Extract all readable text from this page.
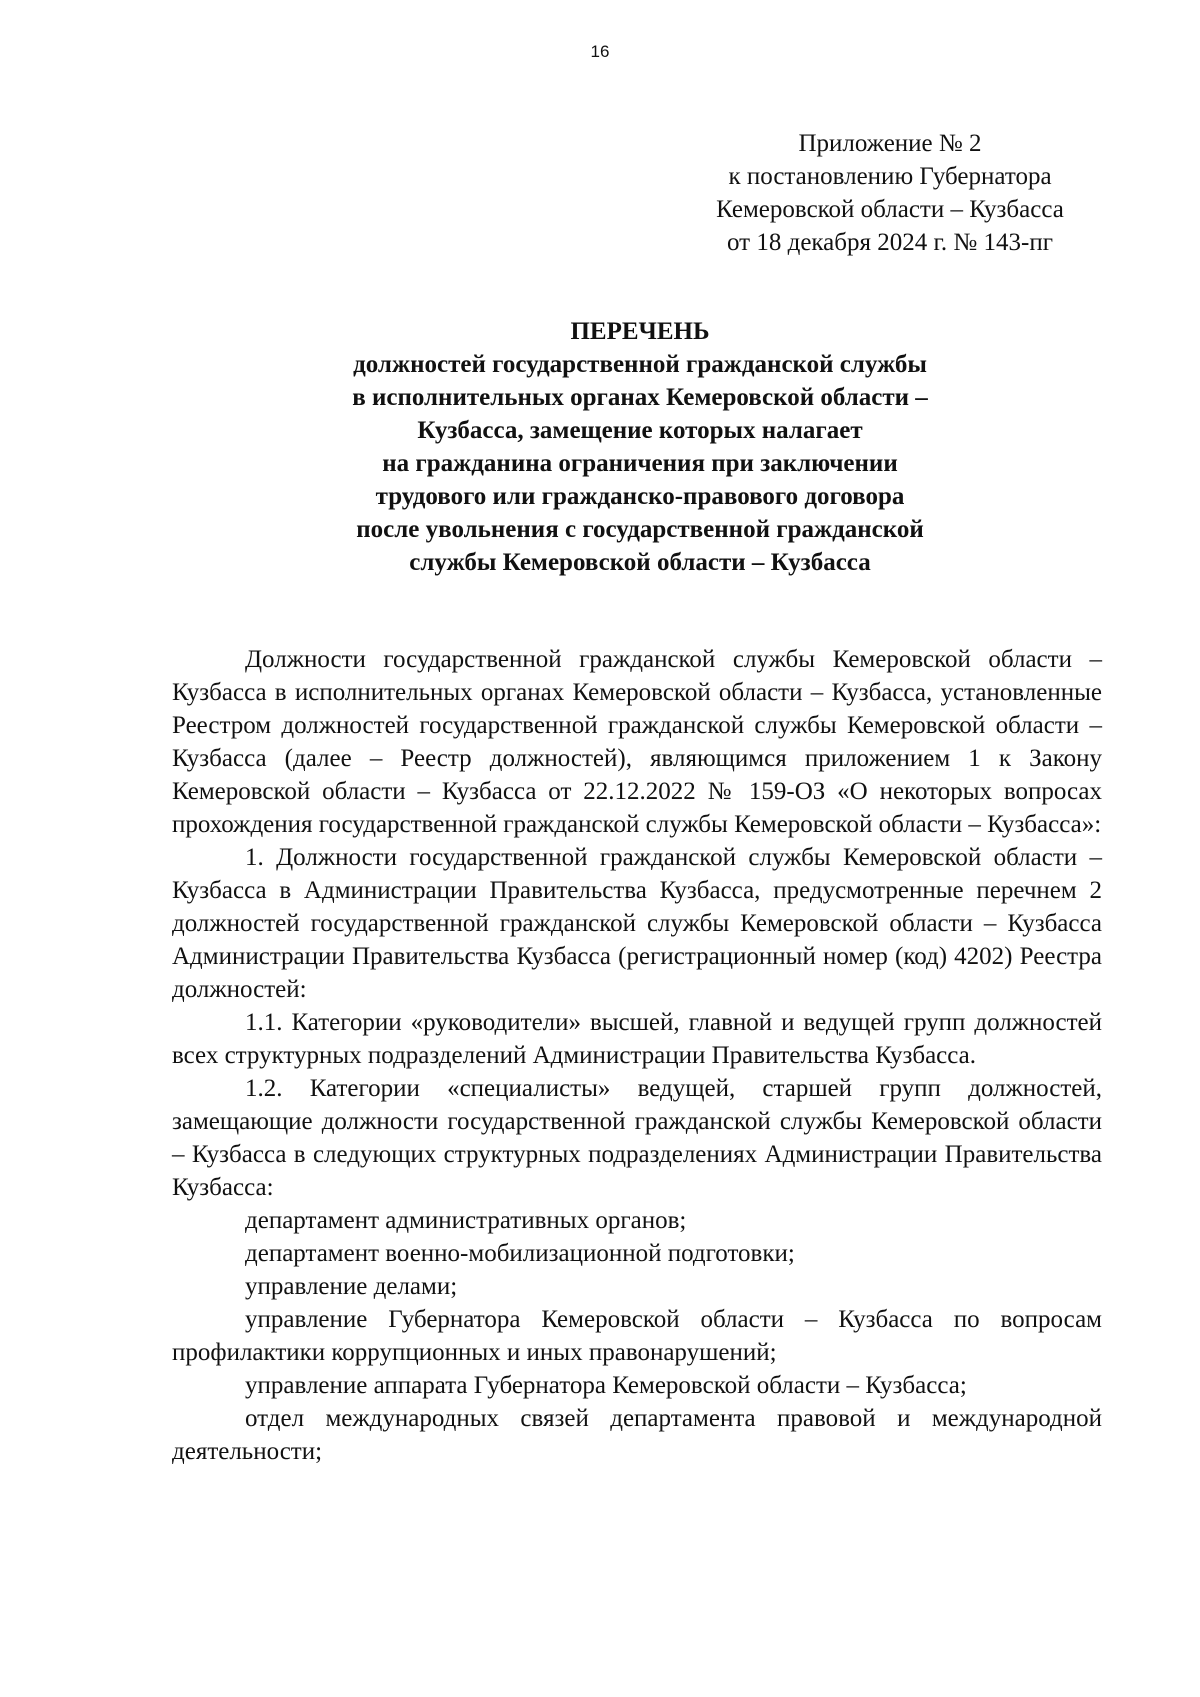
16
Приложение № 2
к постановлению Губернатора
Кемеровской области – Кузбасса
от 18 декабря 2024 г. № 143-пг
ПЕРЕЧЕНЬ
должностей государственной гражданской службы
в исполнительных органах Кемеровской области –
Кузбасса, замещение которых налагает
на гражданина ограничения при заключении
трудового или гражданско-правового договора
после увольнения с государственной гражданской
службы Кемеровской области – Кузбасса

Должности государственной гражданской службы Кемеровской области – Кузбасса в исполнительных органах Кемеровской области – Кузбасса, установленные Реестром должностей государственной гражданской службы Кемеровской области – Кузбасса (далее – Реестр должностей), являющимся приложением 1 к Закону Кемеровской области – Кузбасса от 22.12.2022 № 159-ОЗ «О некоторых вопросах прохождения государственной гражданской службы Кемеровской области – Кузбасса»:

1. Должности государственной гражданской службы Кемеровской области – Кузбасса в Администрации Правительства Кузбасса, предусмотренные перечнем 2 должностей государственной гражданской службы Кемеровской области – Кузбасса Администрации Правительства Кузбасса (регистрационный номер (код) 4202) Реестра должностей:

1.1. Категории «руководители» высшей, главной и ведущей групп должностей всех структурных подразделений Администрации Правительства Кузбасса.

1.2. Категории «специалисты» ведущей, старшей групп должностей, замещающие должности государственной гражданской службы Кемеровской области – Кузбасса в следующих структурных подразделениях Администрации Правительства Кузбасса:

департамент административных органов;

департамент военно-мобилизационной подготовки;

управление делами;

управление Губернатора Кемеровской области – Кузбасса по вопросам профилактики коррупционных и иных правонарушений;

управление аппарата Губернатора Кемеровской области – Кузбасса;

отдел международных связей департамента правовой и международной деятельности;
